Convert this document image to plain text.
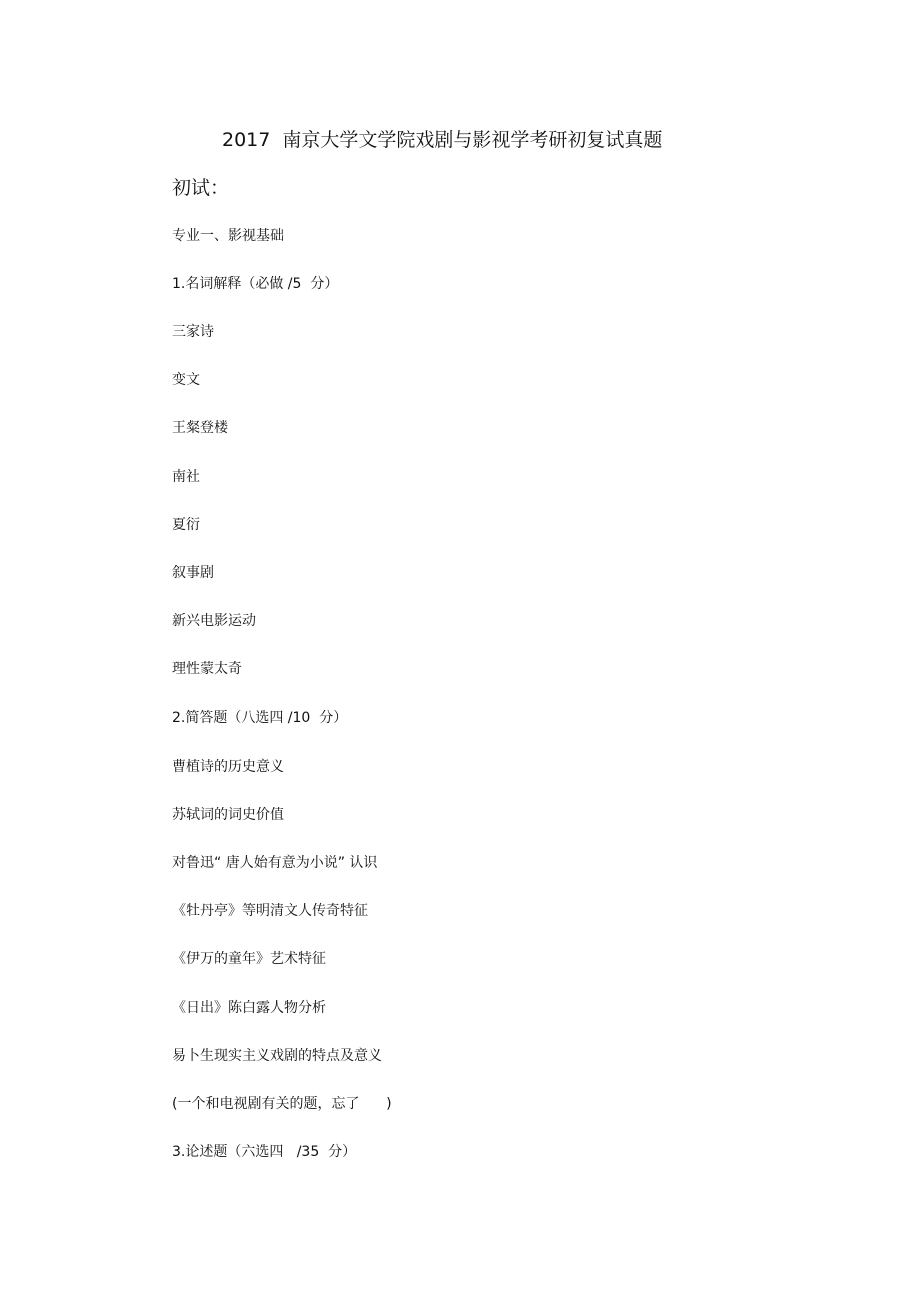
2017  南京大学文学院戏剧与影视学考研初复试真题
初试：
专业一、影视基础
1.名词解释（必做 /5  分）
三家诗
变文
王粲登楼
南社
夏衍
叙事剧
新兴电影运动
理性蒙太奇
2.简答题（八选四 /10  分）
曹植诗的历史意义
苏轼词的词史价值
对鲁迅“ 唐人始有意为小说” 认识
《牡丹亭》等明清文人传奇特征
《伊万的童年》艺术特征
《日出》陈白露人物分析
易卜生现实主义戏剧的特点及意义
(一个和电视剧有关的题，忘了      )
3.论述题（六选四   /35  分）
